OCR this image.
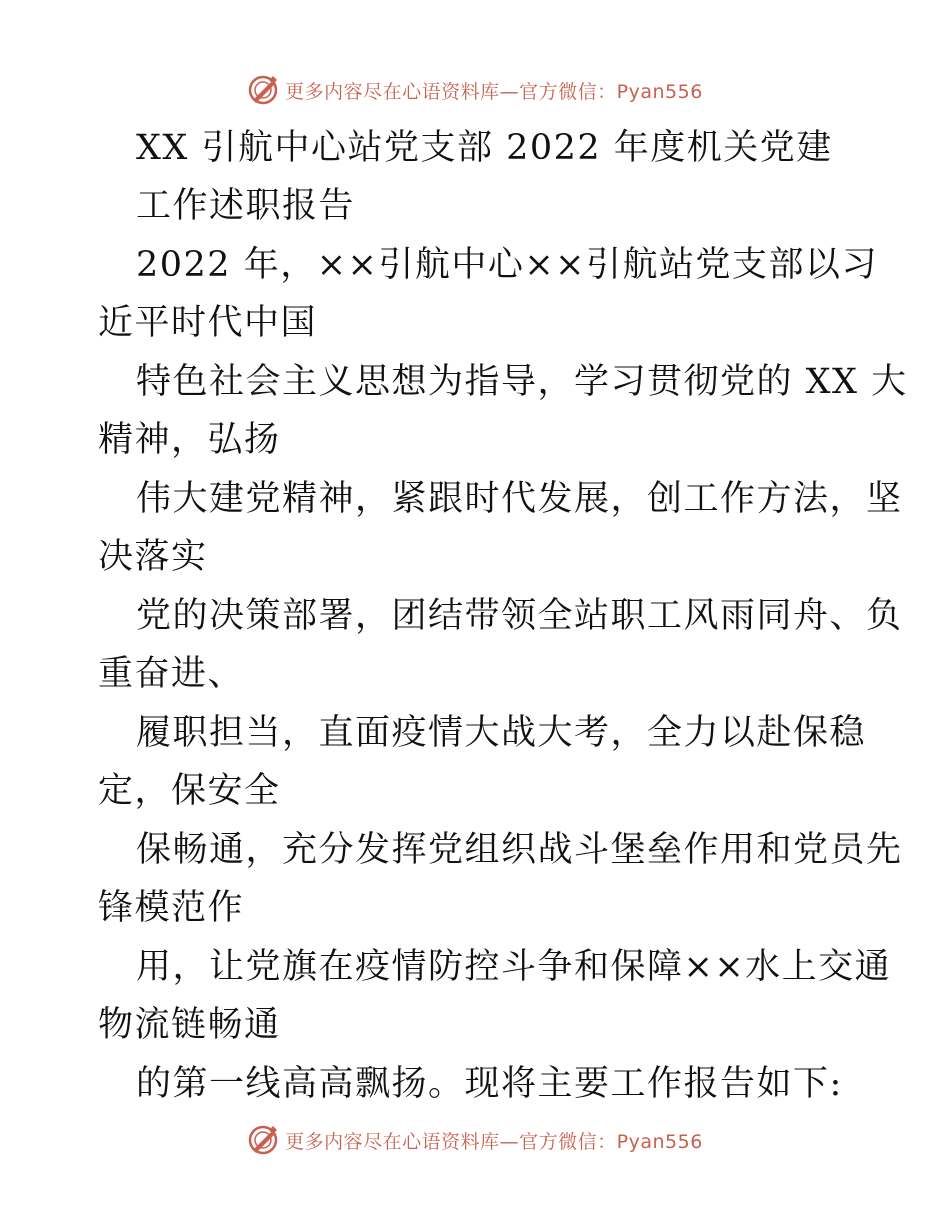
更多内容尽在心语资料库—官方微信：Pyan556
XX 引航中心站党支部 2022 年度机关党建
工作述职报告
2022 年，××引航中心××引航站党支部以习
近平时代中国
特色社会主义思想为指导，学习贯彻党的 XX 大
精神，弘扬
伟大建党精神，紧跟时代发展，创工作方法，坚
决落实
党的决策部署，团结带领全站职工风雨同舟、负
重奋进、
履职担当，直面疫情大战大考，全力以赴保稳
定，保安全
保畅通，充分发挥党组织战斗堡垒作用和党员先
锋模范作
用，让党旗在疫情防控斗争和保障××水上交通
物流链畅通
的第一线高高飘扬。现将主要工作报告如下:
更多内容尽在心语资料库—官方微信：Pyan556
